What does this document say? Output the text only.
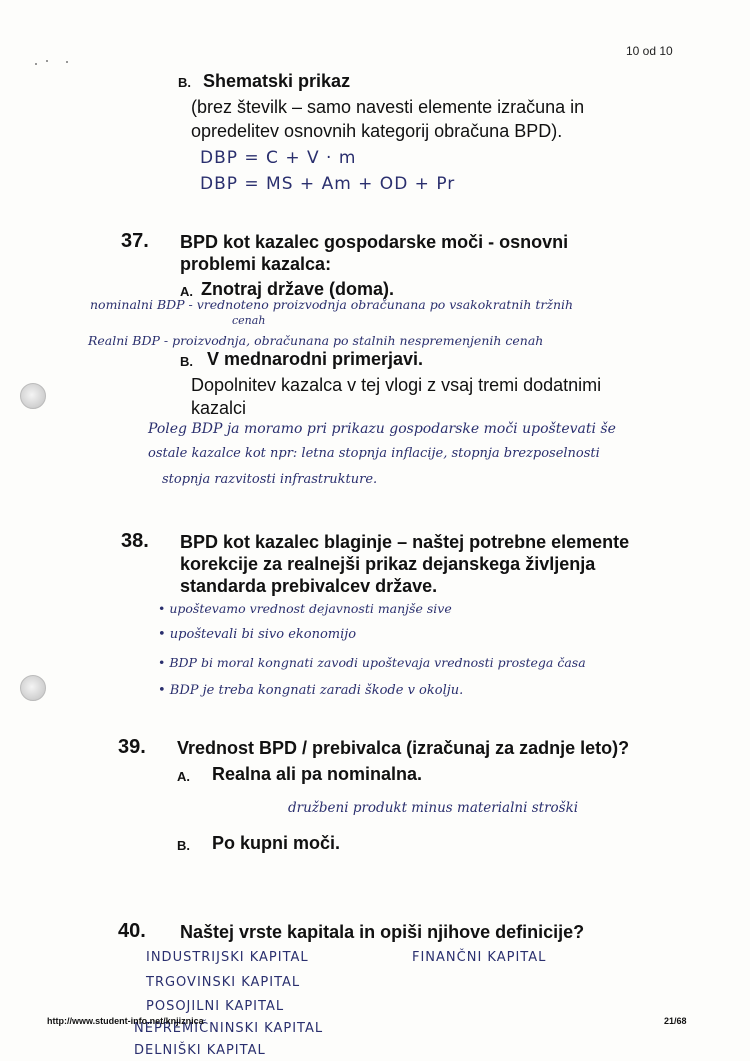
10 od 10
B. Shematski prikaz
(brez številk – samo navesti elemente izračuna in
opredelitev osnovnih kategorij obračuna BPD).
DBP = C + V · m
DBP = MS + Am + OD + Pr
37. BPD kot kazalec gospodarske moči - osnovni
problemi kazalca:
A. Znotraj države (doma).
nominalni BDP - vrednoteno proizvodnja obračunana po vsakokratnih tržnih
cenah
Realni BDP - proizvodnja, obračunana po stalnih nespremenjenih cenah
B. V mednarodni primerjavi.
Dopolnitev kazalca v tej vlogi z vsaj tremi dodatnimi
kazalci
Poleg BDP ja moramo pri prikazu gospodarske moči upoštevati še
ostale kazalce kot npr: letna stopnja inflacije, stopnja brezposelnosti
stopnja razvitosti infrastrukture.
38. BPD kot kazalec blaginje – naštej potrebne elemente
korekcije za realnejši prikaz dejanskega življenja
standarda prebivalcev države.
• upoštevamo vrednost dejavnosti manjše sive
• upoštevali bi sivo ekonomijo
• BDP bi moral kongnati zavodi upoštevaja vrednosti prostega časa
• BDP je treba kongnati zaradi škode v okolju.
39. Vrednost BPD / prebivalca (izračunaj za zadnje leto)?
A. Realna ali pa nominalna.
družbeni produkt minus materialni stroški
B. Po kupni moči.
40. Naštej vrste kapitala in opiši njihove definicije?
INDUSTRIJSKI KAPITAL	FINANČNI KAPITAL
TRGOVINSKI KAPITAL
POSOJILNI KAPITAL
NEPREMIČNINSKI KAPITAL
DELNIŠKI KAPITAL
http://www.student-info.net/knjiznica	21/68
